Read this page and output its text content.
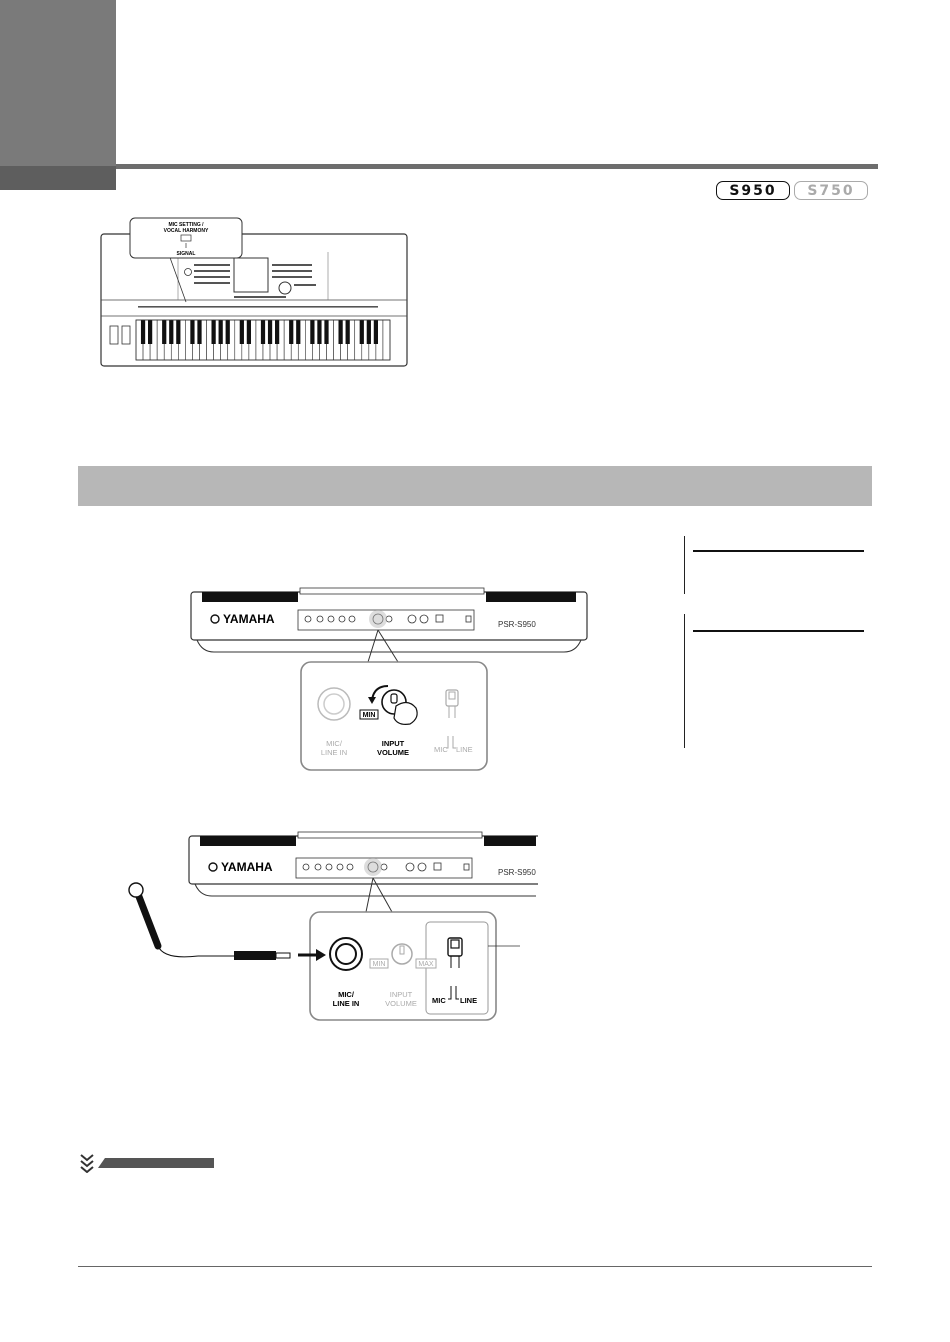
S950	S750
MIC SETTING /
VOCAL HARMONY
SIGNAL
YAMAHA	PSR-S950
MIC/
LINE IN
MIN
INPUT
VOLUME	MIC LINE
YAMAHA	PSR-S950
MIC/
LINE IN
MIN	MAX
INPUT
VOLUME MIC LINE
